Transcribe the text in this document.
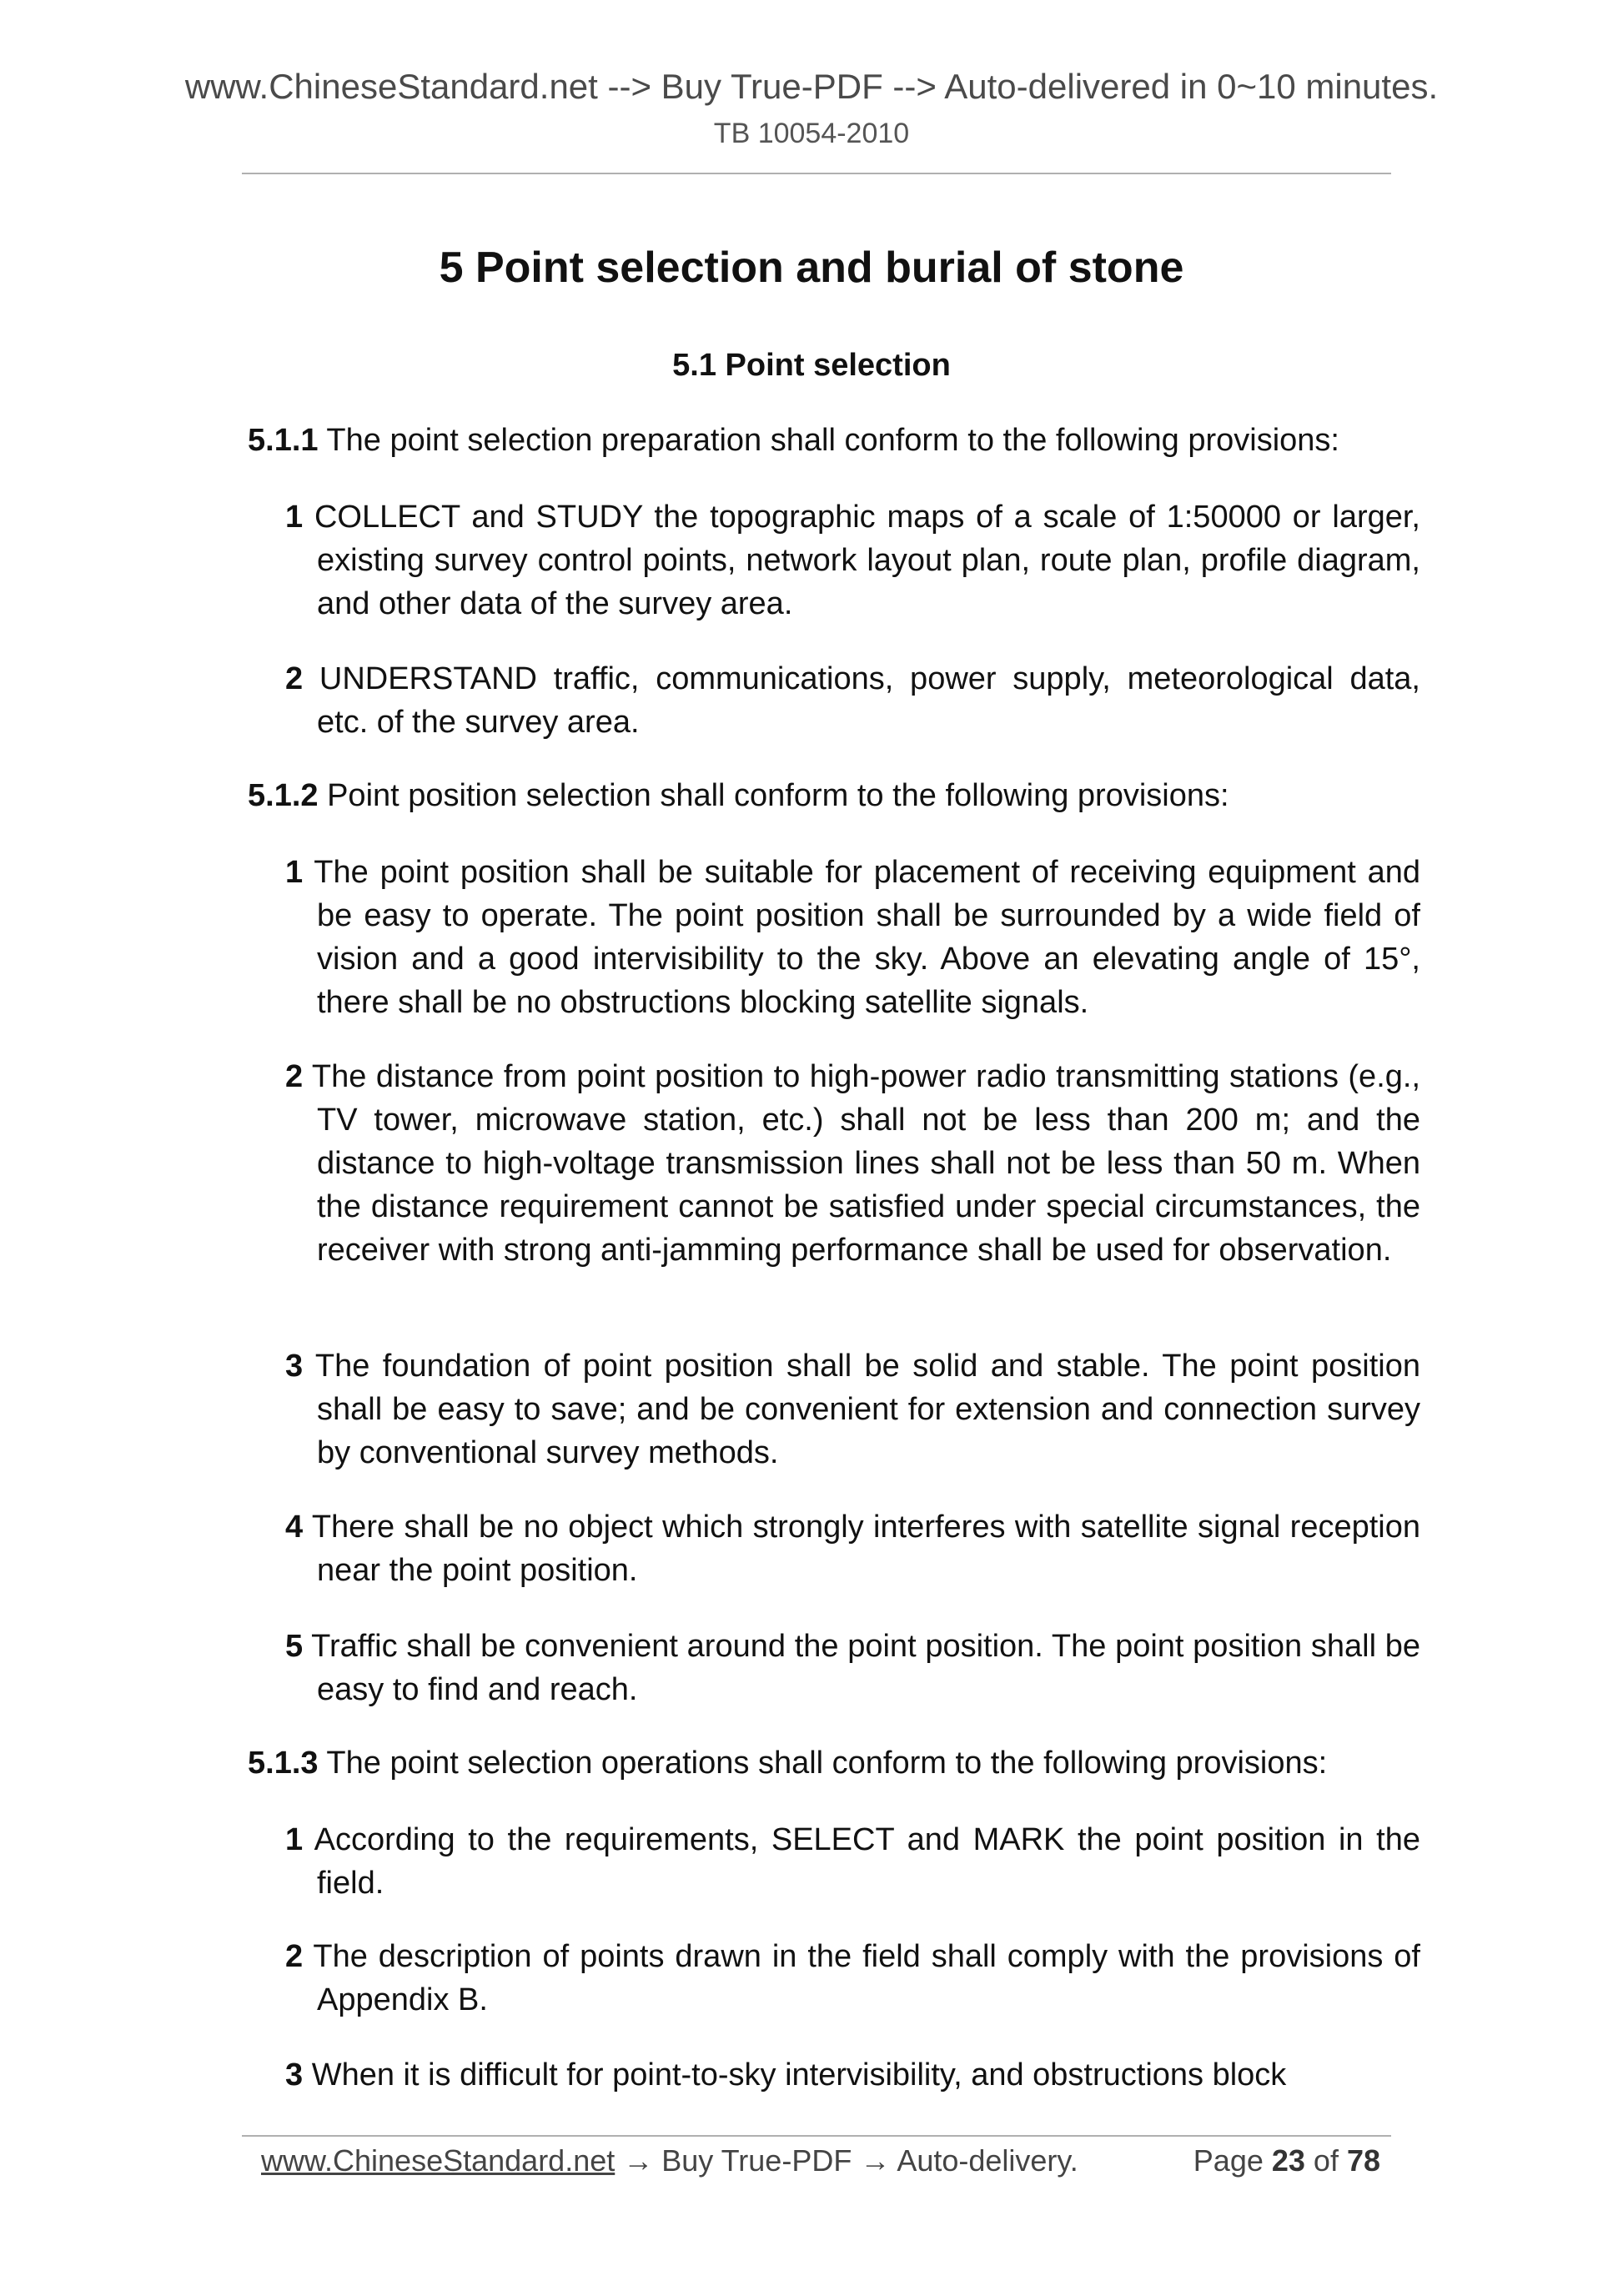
www.ChineseStandard.net --> Buy True-PDF --> Auto-delivered in 0~10 minutes.
TB 10054-2010
5 Point selection and burial of stone
5.1 Point selection

5.1.1 The point selection preparation shall conform to the following provisions:

1 COLLECT and STUDY the topographic maps of a scale of 1:50000 or larger, existing survey control points, network layout plan, route plan, profile diagram, and other data of the survey area.

2 UNDERSTAND traffic, communications, power supply, meteorological data, etc. of the survey area.

5.1.2 Point position selection shall conform to the following provisions:

1 The point position shall be suitable for placement of receiving equipment and be easy to operate. The point position shall be surrounded by a wide field of vision and a good intervisibility to the sky. Above an elevating angle of 15°, there shall be no obstructions blocking satellite signals.

2 The distance from point position to high-power radio transmitting stations (e.g., TV tower, microwave station, etc.) shall not be less than 200 m; and the distance to high-voltage transmission lines shall not be less than 50 m. When the distance requirement cannot be satisfied under special circumstances, the receiver with strong anti-jamming performance shall be used for observation.

3 The foundation of point position shall be solid and stable. The point position shall be easy to save; and be convenient for extension and connection survey by conventional survey methods.

4 There shall be no object which strongly interferes with satellite signal reception near the point position.

5 Traffic shall be convenient around the point position. The point position shall be easy to find and reach.

5.1.3 The point selection operations shall conform to the following provisions:

1 According to the requirements, SELECT and MARK the point position in the field.

2 The description of points drawn in the field shall comply with the provisions of Appendix B.

3 When it is difficult for point-to-sky intervisibility, and obstructions block

www.ChineseStandard.net → Buy True-PDF → Auto-delivery.	Page 23 of 78
